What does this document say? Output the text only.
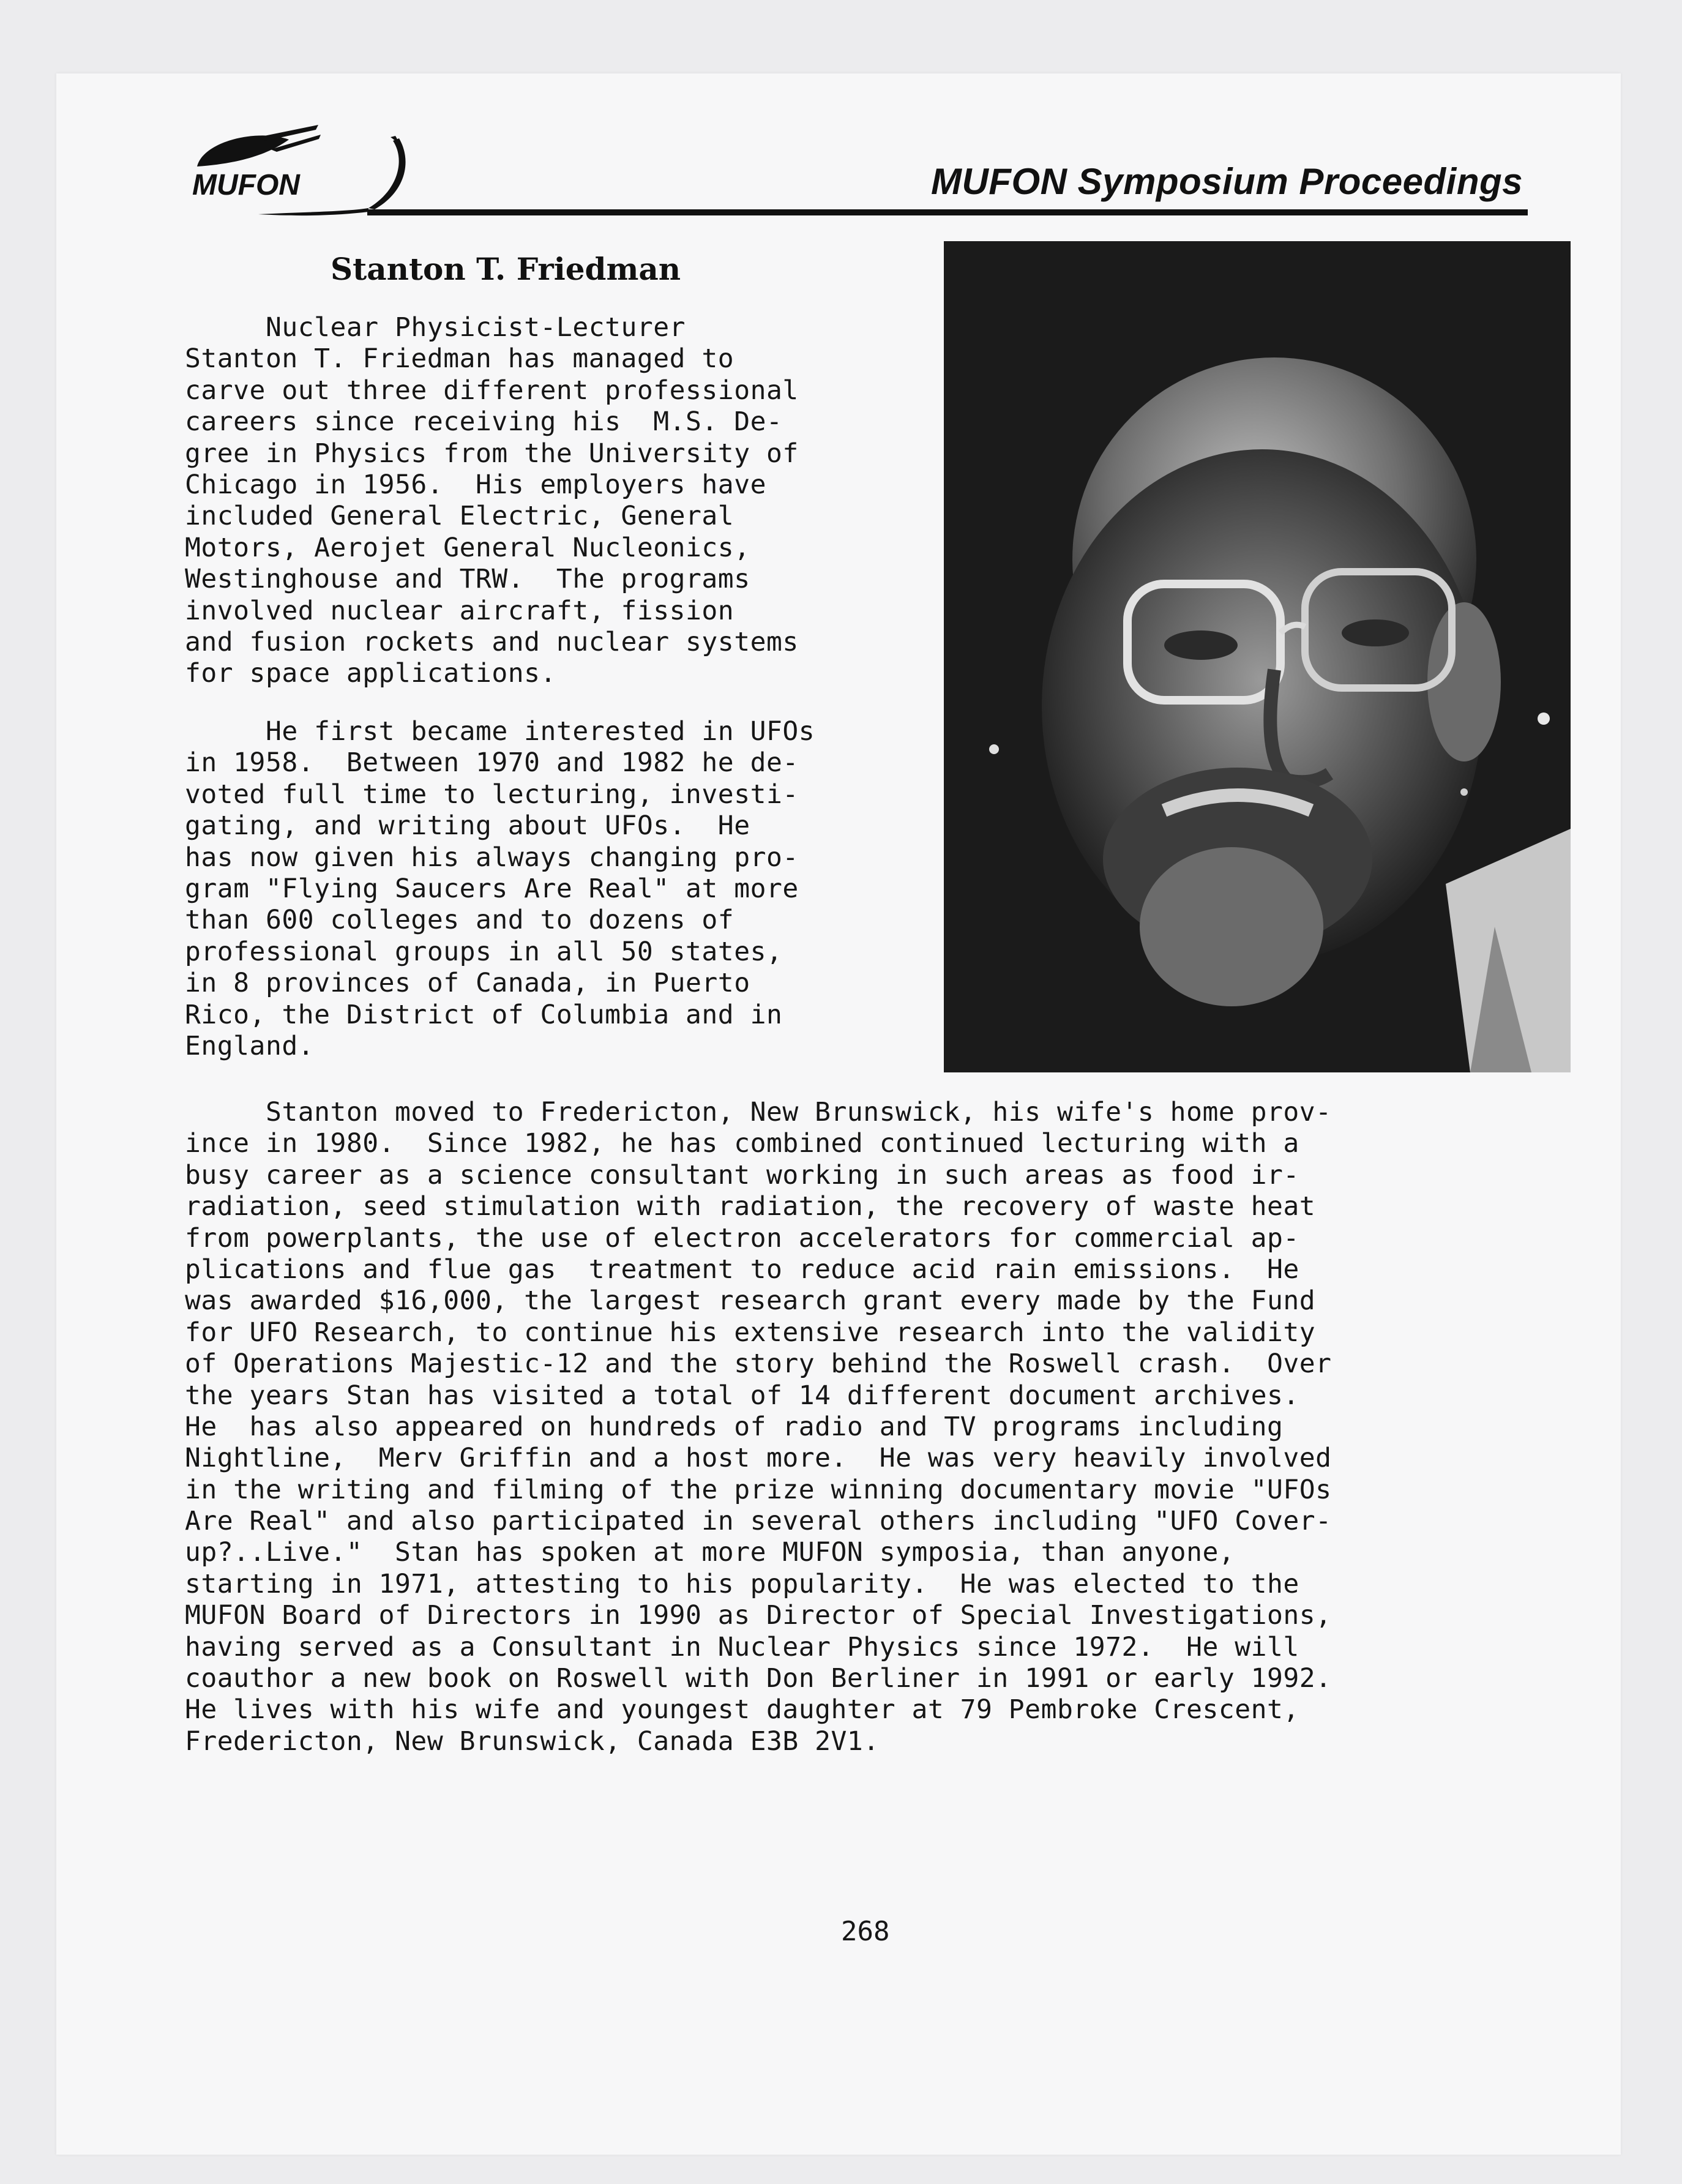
MUFON	MUFON Symposium Proceedings
Stanton T. Friedman
Nuclear Physicist-Lecturer
Stanton T. Friedman has managed to
carve out three different professional
careers since receiving his  M.S. De-
gree in Physics from the University of
Chicago in 1956.  His employers have
included General Electric, General
Motors, Aerojet General Nucleonics,
Westinghouse and TRW.  The programs
involved nuclear aircraft, fission
and fusion rockets and nuclear systems
for space applications.
He first became interested in UFOs
in 1958.  Between 1970 and 1982 he de-
voted full time to lecturing, investi-
gating, and writing about UFOs.  He
has now given his always changing pro-
gram "Flying Saucers Are Real" at more
than 600 colleges and to dozens of
professional groups in all 50 states,
in 8 provinces of Canada, in Puerto
Rico, the District of Columbia and in
England.
Stanton moved to Fredericton, New Brunswick, his wife's home prov-
ince in 1980.  Since 1982, he has combined continued lecturing with a
busy career as a science consultant working in such areas as food ir-
radiation, seed stimulation with radiation, the recovery of waste heat
from powerplants, the use of electron accelerators for commercial ap-
plications and flue gas  treatment to reduce acid rain emissions.  He
was awarded $16,000, the largest research grant every made by the Fund
for UFO Research, to continue his extensive research into the validity
of Operations Majestic-12 and the story behind the Roswell crash.  Over
the years Stan has visited a total of 14 different document archives.
He  has also appeared on hundreds of radio and TV programs including
Nightline,  Merv Griffin and a host more.  He was very heavily involved
in the writing and filming of the prize winning documentary movie "UFOs
Are Real" and also participated in several others including "UFO Cover-
up?..Live."  Stan has spoken at more MUFON symposia, than anyone,
starting in 1971, attesting to his popularity.  He was elected to the
MUFON Board of Directors in 1990 as Director of Special Investigations,
having served as a Consultant in Nuclear Physics since 1972.  He will
coauthor a new book on Roswell with Don Berliner in 1991 or early 1992.
He lives with his wife and youngest daughter at 79 Pembroke Crescent,
Fredericton, New Brunswick, Canada E3B 2V1.
268
